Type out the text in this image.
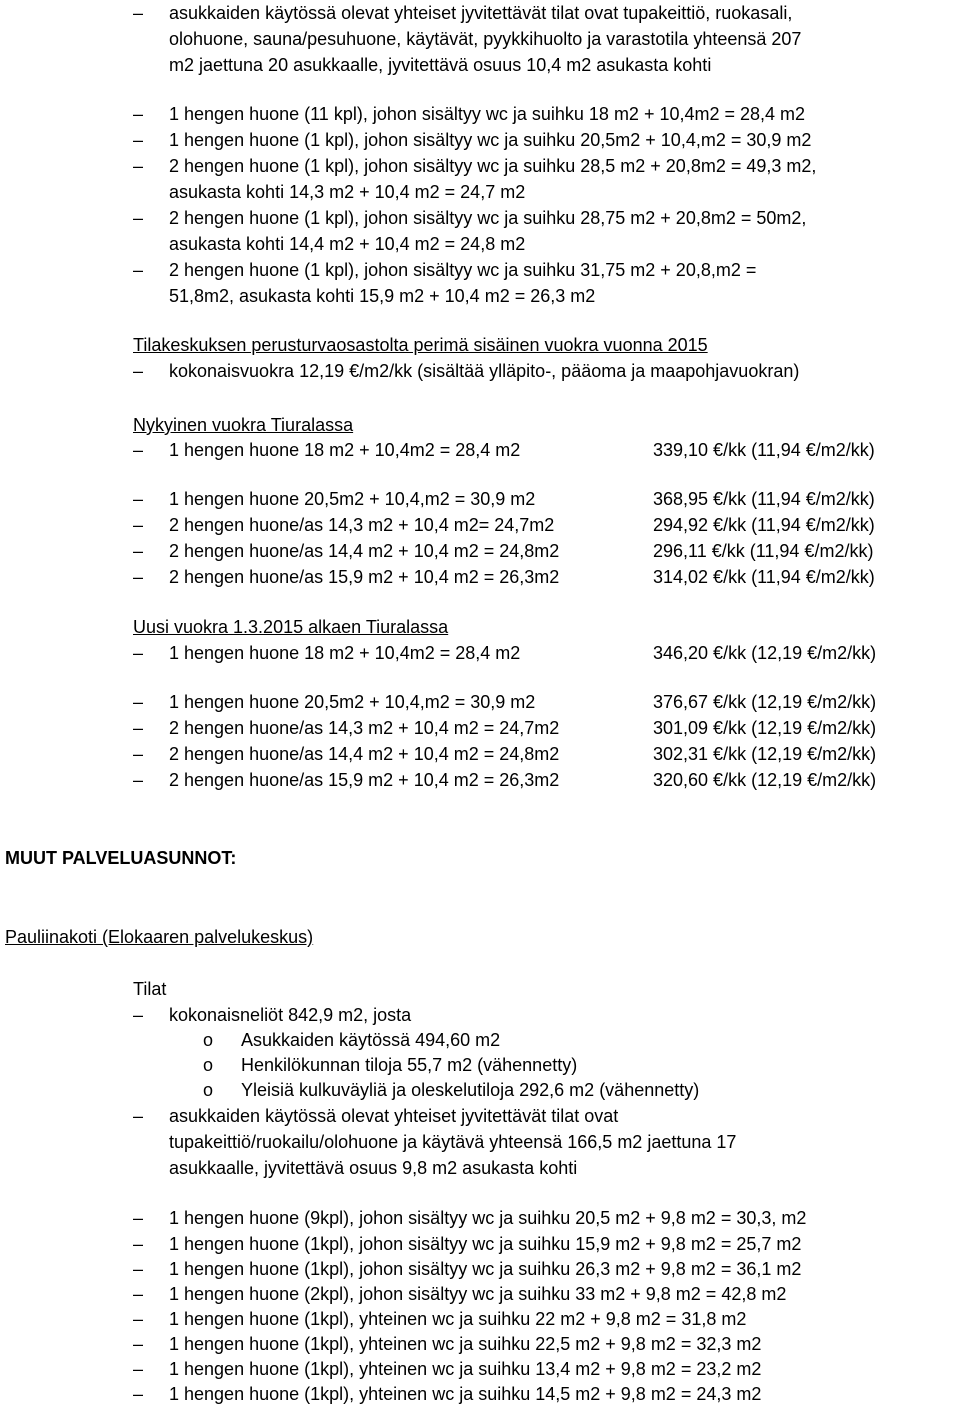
– asukkaiden käytössä olevat yhteiset jyvitettävät tilat ovat tupakeittiö, ruokasali,
olohuone, sauna/pesuhuone, käytävät, pyykkihuolto ja varastotila yhteensä 207
m2 jaettuna 20 asukkaalle, jyvitettävä osuus 10,4 m2 asukasta kohti
– 1 hengen huone (11 kpl), johon sisältyy wc ja suihku 18 m2 + 10,4m2 = 28,4 m2
– 1 hengen huone (1 kpl), johon sisältyy wc ja suihku 20,5m2 + 10,4,m2 = 30,9 m2
– 2 hengen huone (1 kpl), johon sisältyy wc ja suihku 28,5 m2 + 20,8m2 = 49,3 m2,
asukasta kohti 14,3 m2 + 10,4 m2 = 24,7 m2
– 2 hengen huone (1 kpl), johon sisältyy wc ja suihku 28,75 m2 + 20,8m2 = 50m2,
asukasta kohti 14,4 m2 + 10,4 m2 = 24,8 m2
– 2 hengen huone (1 kpl), johon sisältyy wc ja suihku 31,75 m2 + 20,8,m2 =
51,8m2, asukasta kohti 15,9 m2 + 10,4 m2 = 26,3 m2
Tilakeskuksen perusturvaosastolta perimä sisäinen vuokra vuonna 2015
– kokonaisvuokra 12,19 €/m2/kk (sisältää ylläpito-, pääoma ja maapohjavuokran)
Nykyinen vuokra Tiuralassa
– 1 hengen huone 18 m2 + 10,4m2 = 28,4 m2	339,10 €/kk (11,94 €/m2/kk)
– 1 hengen huone 20,5m2 + 10,4,m2 = 30,9 m2	368,95 €/kk (11,94 €/m2/kk)
– 2 hengen huone/as 14,3 m2 + 10,4 m2= 24,7m2	294,92 €/kk (11,94 €/m2/kk)
– 2 hengen huone/as 14,4 m2 + 10,4 m2 = 24,8m2	296,11 €/kk (11,94 €/m2/kk)
– 2 hengen huone/as 15,9 m2 + 10,4 m2 = 26,3m2	314,02 €/kk (11,94 €/m2/kk)
Uusi vuokra 1.3.2015 alkaen Tiuralassa
– 1 hengen huone 18 m2 + 10,4m2 = 28,4 m2	346,20 €/kk (12,19 €/m2/kk)
– 1 hengen huone 20,5m2 + 10,4,m2 = 30,9 m2	376,67 €/kk (12,19 €/m2/kk)
– 2 hengen huone/as 14,3 m2 + 10,4 m2 = 24,7m2	301,09 €/kk (12,19 €/m2/kk)
– 2 hengen huone/as 14,4 m2 + 10,4 m2 = 24,8m2	302,31 €/kk (12,19 €/m2/kk)
– 2 hengen huone/as 15,9 m2 + 10,4 m2 = 26,3m2	320,60 €/kk (12,19 €/m2/kk)
MUUT PALVELUASUNNOT:
Pauliinakoti (Elokaaren palvelukeskus)
Tilat
– kokonaisneliöt 842,9 m2, josta
o Asukkaiden käytössä 494,60 m2
o Henkilökunnan tiloja 55,7 m2 (vähennetty)
o Yleisiä kulkuväyliä ja oleskelutiloja 292,6 m2 (vähennetty)
– asukkaiden käytössä olevat yhteiset jyvitettävät tilat ovat
tupakeittiö/ruokailu/olohuone ja käytävä yhteensä 166,5 m2 jaettuna 17
asukkaalle, jyvitettävä osuus 9,8 m2 asukasta kohti
– 1 hengen huone (9kpl), johon sisältyy wc ja suihku 20,5 m2 + 9,8 m2 = 30,3, m2
– 1 hengen huone (1kpl), johon sisältyy wc ja suihku 15,9 m2 + 9,8 m2 = 25,7 m2
– 1 hengen huone (1kpl), johon sisältyy wc ja suihku 26,3 m2 + 9,8 m2 = 36,1 m2
– 1 hengen huone (2kpl), johon sisältyy wc ja suihku 33 m2 + 9,8 m2 = 42,8 m2
– 1 hengen huone (1kpl), yhteinen wc ja suihku 22 m2 + 9,8 m2 = 31,8 m2
– 1 hengen huone (1kpl), yhteinen wc ja suihku 22,5 m2 + 9,8 m2 = 32,3 m2
– 1 hengen huone (1kpl), yhteinen wc ja suihku 13,4 m2 + 9,8 m2 = 23,2 m2
– 1 hengen huone (1kpl), yhteinen wc ja suihku 14,5 m2 + 9,8 m2 = 24,3 m2
